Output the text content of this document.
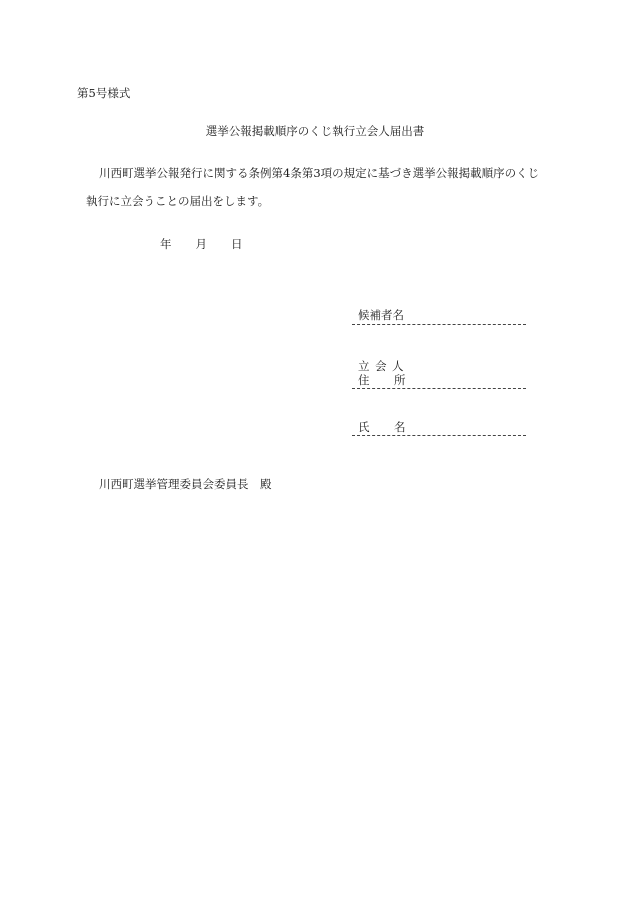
第5号様式
選挙公報掲載順序のくじ執行立会人届出書
川西町選挙公報発行に関する条例第4条第3項の規定に基づき選挙公報掲載順序のくじ
執行に立会うことの届出をします。
年 月 日
候補者名
立 会 人
住 所
氏 名
川西町選挙管理委員会委員長　殿
